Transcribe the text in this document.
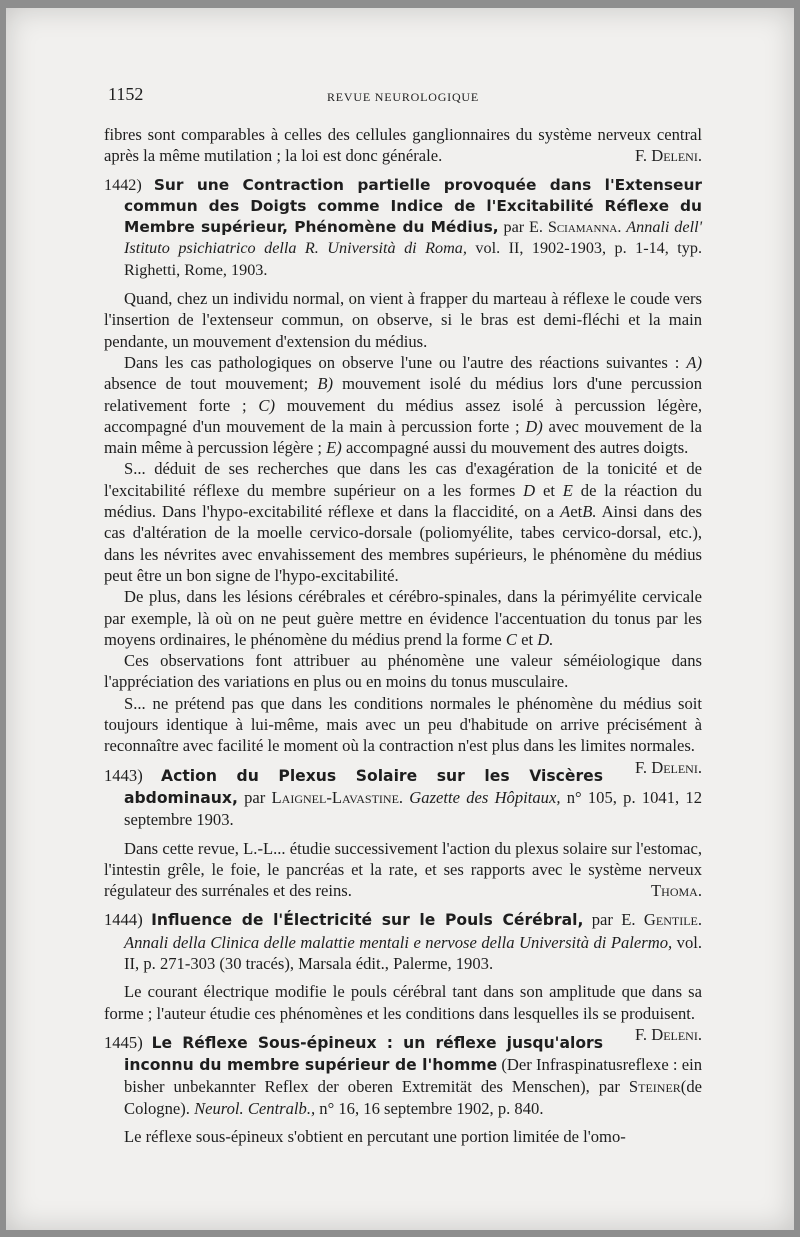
1152	REVUE NEUROLOGIQUE

fibres sont comparables à celles des cellules ganglionnaires du système nerveux central après la même mutilation ; la loi est donc générale.	F. Deleni.

1442) Sur une Contraction partielle provoquée dans l'Extenseur commun des Doigts comme Indice de l'Excitabilité Réflexe du Membre supérieur, Phénomène du Médius, par E. Sciamanna. Annali dell' Istituto psichiatrico della R. Università di Roma, vol. II, 1902-1903, p. 1-14, typ. Righetti, Rome, 1903.

Quand, chez un individu normal, on vient à frapper du marteau à réflexe le coude vers l'insertion de l'extenseur commun, on observe, si le bras est demi-fléchi et la main pendante, un mouvement d'extension du médius.

Dans les cas pathologiques on observe l'une ou l'autre des réactions suivantes : A) absence de tout mouvement; B) mouvement isolé du médius lors d'une percussion relativement forte ; C) mouvement du médius assez isolé à percussion légère, accompagné d'un mouvement de la main à percussion forte ; D) avec mouvement de la main même à percussion légère ; E) accompagné aussi du mouvement des autres doigts.

S... déduit de ses recherches que dans les cas d'exagération de la tonicité et de l'excitabilité réflexe du membre supérieur on a les formes D et E de la réaction du médius. Dans l'hypo-excitabilité réflexe et dans la flaccidité, on a AetB. Ainsi dans des cas d'altération de la moelle cervico-dorsale (poliomyélite, tabes cervico-dorsal, etc.), dans les névrites avec envahissement des membres supérieurs, le phénomène du médius peut être un bon signe de l'hypo-excitabilité.

De plus, dans les lésions cérébrales et cérébro-spinales, dans la périmyélite cervicale par exemple, là où on ne peut guère mettre en évidence l'accentuation du tonus par les moyens ordinaires, le phénomène du médius prend la forme C et D.

Ces observations font attribuer au phénomène une valeur séméiologique dans l'appréciation des variations en plus ou en moins du tonus musculaire.

S... ne prétend pas que dans les conditions normales le phénomène du médius soit toujours identique à lui-même, mais avec un peu d'habitude on arrive précisément à reconnaître avec facilité le moment où la contraction n'est plus dans les limites normales.
F. Deleni.

1443) Action du Plexus Solaire sur les Viscères abdominaux, par Laignel-Lavastine. Gazette des Hôpitaux, n° 105, p. 1041, 12 septembre 1903.

Dans cette revue, L.-L... étudie successivement l'action du plexus solaire sur l'estomac, l'intestin grêle, le foie, le pancréas et la rate, et ses rapports avec le système nerveux régulateur des surrénales et des reins.	Thoma.

1444) Influence de l'Électricité sur le Pouls Cérébral, par E. Gentile. Annali della Clinica delle malattie mentali e nervose della Università di Palermo, vol. II, p. 271-303 (30 tracés), Marsala édit., Palerme, 1903.

Le courant électrique modifie le pouls cérébral tant dans son amplitude que dans sa forme ; l'auteur étudie ces phénomènes et les conditions dans lesquelles ils se produisent.
F. Deleni.

1445) Le Réflexe Sous-épineux : un réflexe jusqu'alors inconnu du membre supérieur de l'homme (Der Infraspinatusreflexe : ein bisher unbekannter Reflex der oberen Extremität des Menschen), par Steiner(de Cologne). Neurol. Centralb., n° 16, 16 septembre 1902, p. 840.

Le réflexe sous-épineux s'obtient en percutant une portion limitée de l'omo-
